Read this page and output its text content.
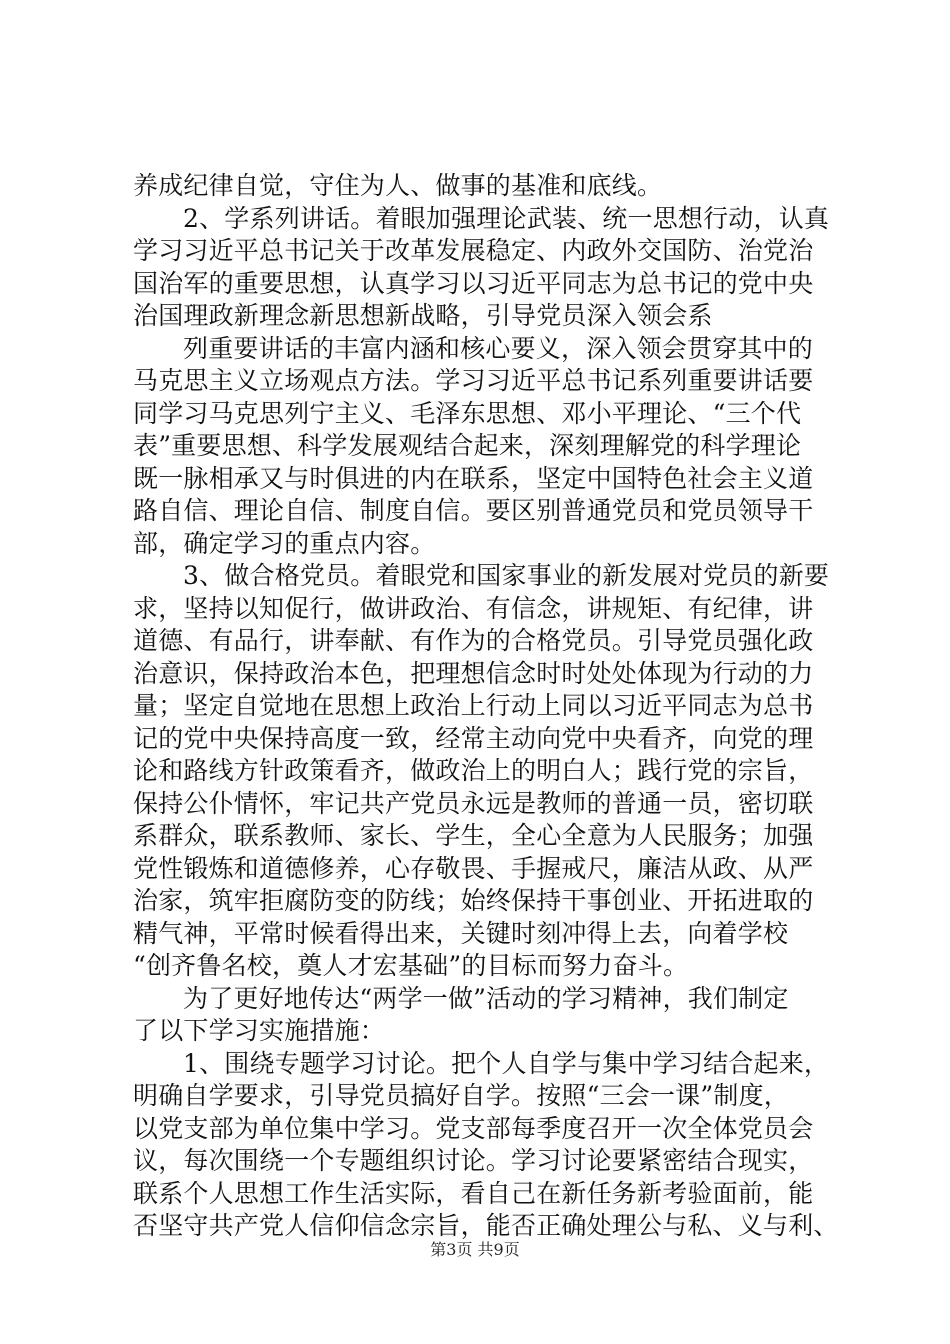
养成纪律自觉，守住为人、做事的基准和底线。
2、学系列讲话。着眼加强理论武装、统一思想行动，认真
学习习近平总书记关于改革发展稳定、内政外交国防、治党治
国治军的重要思想，认真学习以习近平同志为总书记的党中央
治国理政新理念新思想新战略，引导党员深入领会系
列重要讲话的丰富内涵和核心要义，深入领会贯穿其中的
马克思主义立场观点方法。学习习近平总书记系列重要讲话要
同学习马克思列宁主义、毛泽东思想、邓小平理论、“三个代
表”重要思想、科学发展观结合起来，深刻理解党的科学理论
既一脉相承又与时俱进的内在联系，坚定中国特色社会主义道
路自信、理论自信、制度自信。要区别普通党员和党员领导干
部，确定学习的重点内容。
3、做合格党员。着眼党和国家事业的新发展对党员的新要
求，坚持以知促行，做讲政治、有信念，讲规矩、有纪律，讲
道德、有品行，讲奉献、有作为的合格党员。引导党员强化政
治意识，保持政治本色，把理想信念时时处处体现为行动的力
量；坚定自觉地在思想上政治上行动上同以习近平同志为总书
记的党中央保持高度一致，经常主动向党中央看齐，向党的理
论和路线方针政策看齐，做政治上的明白人；践行党的宗旨，
保持公仆情怀，牢记共产党员永远是教师的普通一员，密切联
系群众，联系教师、家长、学生，全心全意为人民服务；加强
党性锻炼和道德修养，心存敬畏、手握戒尺，廉洁从政、从严
治家，筑牢拒腐防变的防线；始终保持干事创业、开拓进取的
精气神，平常时候看得出来，关键时刻冲得上去，向着学校
“创齐鲁名校，奠人才宏基础”的目标而努力奋斗。
为了更好地传达“两学一做”活动的学习精神，我们制定
了以下学习实施措施：
1、围绕专题学习讨论。把个人自学与集中学习结合起来，
明确自学要求，引导党员搞好自学。按照“三会一课”制度，
以党支部为单位集中学习。党支部每季度召开一次全体党员会
议，每次围绕一个专题组织讨论。学习讨论要紧密结合现实，
联系个人思想工作生活实际，看自己在新任务新考验面前，能
否坚守共产党人信仰信念宗旨，能否正确处理公与私、义与利、
第3页 共9页
